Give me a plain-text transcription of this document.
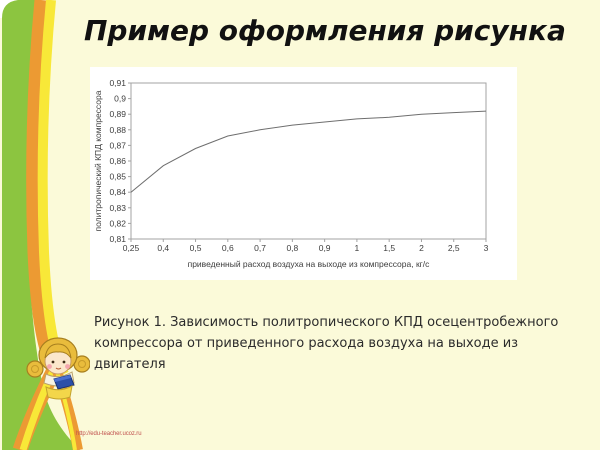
Пример оформления рисунка
0,91
0,9
0,89
0,88
0,87
0,86
0,85
0,84
0,83
0,82
0,81
0,25 0,4 0,5 0,6 0,7 0,8 0,9	1	1,5	2	2,5	3
политропический КПД компрессора
приведенный расход воздуха на выходе из компрессора, кг/с
Рисунок 1. Зависимость политропического КПД осецентробежного компрессора от приведенного расхода воздуха на выходе из двигателя
http://edu-teacher.ucoz.ru
